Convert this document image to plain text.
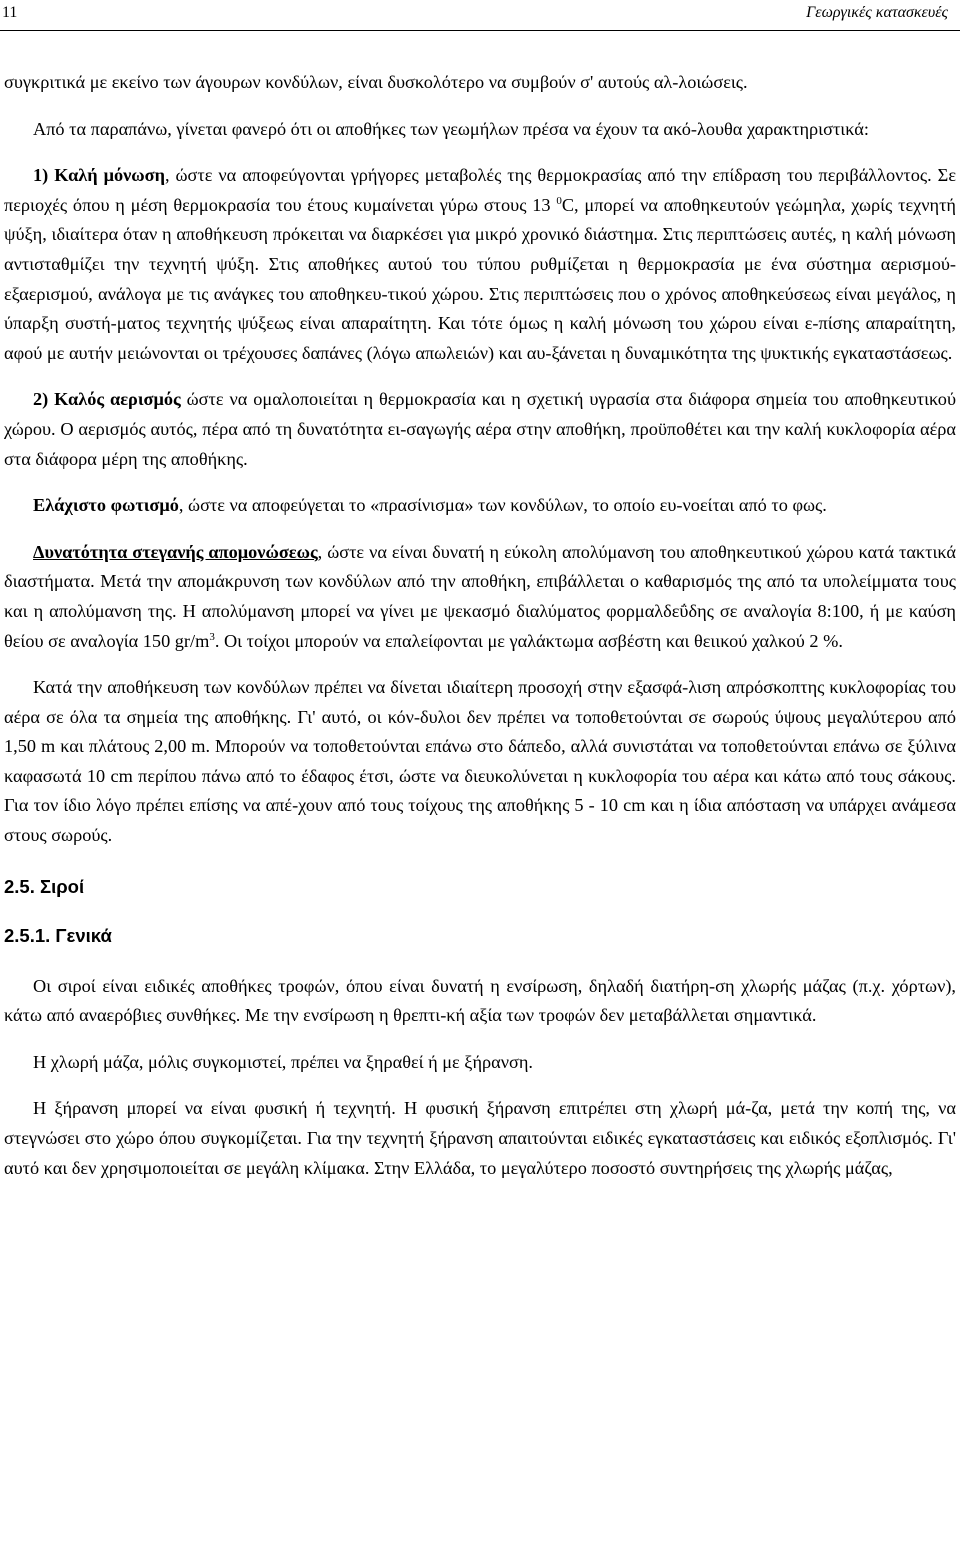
11	Γεωργικές κατασκευές

συγκριτικά με εκείνο των άγουρων κονδύλων, είναι δυσκολότερο να συμβούν σ' αυτούς αλ-λοιώσεις.

Από τα παραπάνω, γίνεται φανερό ότι οι αποθήκες των γεωμήλων πρέσα να έχουν τα ακό-λουθα χαρακτηριστικά:

1) Καλή μόνωση, ώστε να αποφεύγονται γρήγορες μεταβολές της θερμοκρασίας από την επίδραση του περιβάλλοντος. Σε περιοχές όπου η μέση θερμοκρασία του έτους κυμαίνεται γύρω στους 13 $^0$C, μπορεί να αποθηκευτούν γεώμηλα, χωρίς τεχνητή ψύξη, ιδιαίτερα όταν η αποθήκευση πρόκειται να διαρκέσει για μικρό χρονικό διάστημα. Στις περιπτώσεις αυτές, η καλή μόνωση αντισταθμίζει την τεχνητή ψύξη. Στις αποθήκες αυτού του τύπου ρυθμίζεται η θερμοκρασία με ένα σύστημα αερισμού-εξαερισμού, ανάλογα με τις ανάγκες του αποθηκευ-τικού χώρου. Στις περιπτώσεις που ο χρόνος αποθηκεύσεως είναι μεγάλος, η ύπαρξη συστή-ματος τεχνητής ψύξεως είναι απαραίτητη. Και τότε όμως η καλή μόνωση του χώρου είναι ε-πίσης απαραίτητη, αφού με αυτήν μειώνονται οι τρέχουσες δαπάνες (λόγω απωλειών) και αυ-ξάνεται η δυναμικότητα της ψυκτικής εγκαταστάσεως.

2) Καλός αερισμός ώστε να ομαλοποιείται η θερμοκρασία και η σχετική υγρασία στα διάφορα σημεία του αποθηκευτικού χώρου. Ο αερισμός αυτός, πέρα από τη δυνατότητα ει-σαγωγής αέρα στην αποθήκη, προϋποθέτει και την καλή κυκλοφορία αέρα στα διάφορα μέρη της αποθήκης.

Ελάχιστο φωτισμό, ώστε να αποφεύγεται το «πρασίνισμα» των κονδύλων, το οποίο ευ-νοείται από το φως.

Δυνατότητα στεγανής απομονώσεως, ώστε να είναι δυνατή η εύκολη απολύμανση του αποθηκευτικού χώρου κατά τακτικά διαστήματα. Μετά την απομάκρυνση των κονδύλων από την αποθήκη, επιβάλλεται ο καθαρισμός της από τα υπολείμματα τους και η απολύμανση της. Η απολύμανση μπορεί να γίνει με ψεκασμό διαλύματος φορμαλδεΰδης σε αναλογία 8:100, ή με καύση θείου σε αναλογία 150 $gr/m^3$. Οι τοίχοι μπορούν να επαλείφονται με γαλάκτωμα ασβέστη και θειικού χαλκού 2 %.

Κατά την αποθήκευση των κονδύλων πρέπει να δίνεται ιδιαίτερη προσοχή στην εξασφά-λιση απρόσκοπτης κυκλοφορίας του αέρα σε όλα τα σημεία της αποθήκης. Γι' αυτό, οι κόν-δυλοι δεν πρέπει να τοποθετούνται σε σωρούς ύψους μεγαλύτερου από 1,50 m και πλάτους 2,00 m. Μπορούν να τοποθετούνται επάνω στο δάπεδο, αλλά συνιστάται να τοποθετούνται επάνω σε ξύλινα καφασωτά 10 cm περίπου πάνω από το έδαφος έτσι, ώστε να διευκολύνεται η κυκλοφορία του αέρα και κάτω από τους σάκους. Για τον ίδιο λόγο πρέπει επίσης να απέ-χουν από τους τοίχους της αποθήκης 5 - 10 cm και η ίδια απόσταση να υπάρχει ανάμεσα στους σωρούς.

2.5. Σιροί
2.5.1. Γενικά

Οι σιροί είναι ειδικές αποθήκες τροφών, όπου είναι δυνατή η ενσίρωση, δηλαδή διατήρη-ση χλωρής μάζας (π.χ. χόρτων), κάτω από αναερόβιες συνθήκες. Με την ενσίρωση η θρεπτι-κή αξία των τροφών δεν μεταβάλλεται σημαντικά.

Η χλωρή μάζα, μόλις συγκομιστεί, πρέπει να ξηραθεί ή με ξήρανση.

Η ξήρανση μπορεί να είναι φυσική ή τεχνητή. Η φυσική ξήρανση επιτρέπει στη χλωρή μά-ζα, μετά την κοπή της, να στεγνώσει στο χώρο όπου συγκομίζεται. Για την τεχνητή ξήρανση απαιτούνται ειδικές εγκαταστάσεις και ειδικός εξοπλισμός. Γι' αυτό και δεν χρησιμοποιείται σε μεγάλη κλίμακα. Στην Ελλάδα, το μεγαλύτερο ποσοστό συντηρήσεις της χλωρής μάζας,
